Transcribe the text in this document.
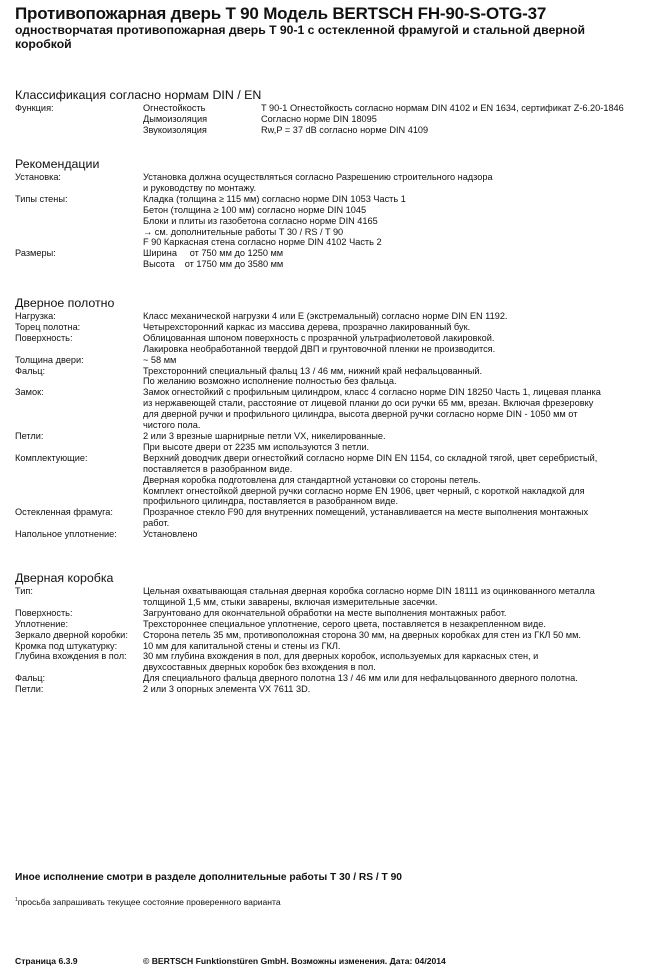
Противопожарная дверь T 90 Модель BERTSCH FH-90-S-OTG-37
одностворчатая противопожарная дверь T 90-1 с остекленной фрамугой и стальной дверной коробкой
Классификация согласно нормам DIN / EN
Функция:	Огнестойкость	T 90-1 Огнестойкость согласно нормам DIN 4102 и EN 1634, сертификат Z-6.20-1846
Дымоизоляция	Согласно норме DIN 18095
Звукоизоляция	Rw,P = 37 dB согласно норме DIN 4109
Рекомендации
Установка:	Установка должна осуществляться согласно Разрешению строительного надзора
и руководству по монтажу.
Типы стены:	Кладка (толщина ≥ 115 мм) согласно норме DIN 1053 Часть 1
Бетон (толщина ≥ 100 мм) согласно норме DIN 1045
Блоки и плиты из газобетона согласно норме DIN 4165
→ см. дополнительные работы T 30 / RS / T 90
F 90 Каркасная стена согласно норме DIN 4102 Часть 2
Размеры:	Ширина     от 750 мм до 1250 мм
Высота    от 1750 мм до 3580 мм
Дверное полотно
Нагрузка:	Класс механической нагрузки 4 или E (экстремальный) согласно норме DIN EN 1192.
Торец полотна:	Четырехсторонний каркас из массива дерева, прозрачно лакированный бук.
Поверхность:	Облицованная шпоном поверхность с прозрачной ультрафиолетовой лакировкой.
Лакировка необработанной твердой ДВП и грунтовочной пленки не производится.
Толщина двери:	~ 58 мм
Фальц:	Трехсторонний специальный фальц 13 / 46 мм, нижний край нефальцованный.
По желанию возможно исполнение полностью без фальца.
Замок:	Замок огнестойкий с профильным цилиндром, класс 4 согласно норме DIN 18250 Часть 1, лицевая планка
из нержавеющей стали, расстояние от лицевой планки до оси ручки 65 мм, врезан. Включая фрезеровку
для дверной ручки и профильного цилиндра, высота дверной ручки согласно норме DIN - 1050 мм от
чистого пола.
Петли:	2 или 3 врезные шарнирные петли VX, никелированные.
При высоте двери от 2235 мм используются 3 петли.
Комплектующие:	Верхний доводчик двери огнестойкий согласно норме DIN EN 1154, со складной тягой, цвет серебристый,
поставляется в разобранном виде.
Дверная коробка подготовлена для стандартной установки со стороны петель.
Комплект огнестойкой дверной ручки согласно норме EN 1906, цвет черный, с короткой накладкой для
профильного цилиндра, поставляется в разобранном виде.
Остекленная фрамуга:	Прозрачное стекло F90 для внутренних помещений, устанавливается на месте выполнения монтажных
работ.
Напольное уплотнение:	Установлено
Дверная коробка
Тип:	Цельная охватывающая стальная дверная коробка согласно норме DIN 18111 из оцинкованного металла
толщиной 1,5 мм, стыки заварены, включая измерительные засечки.
Поверхность:	Загрунтовано для окончательной обработки на месте выполнения монтажных работ.
Уплотнение:	Трехстороннее специальное уплотнение, серого цвета, поставляется в незакрепленном виде.
Зеркало дверной коробки:	Сторона петель 35 мм, противоположная сторона 30 мм, на дверных коробках для стен из ГКЛ 50 мм.
Кромка под штукатурку:	10 мм для капитальной стены и стены из ГКЛ.
Глубина вхождения в пол:	30 мм глубина вхождения в пол, для дверных коробок, используемых для каркасных стен, и
двухсоставных дверных коробок без вхождения в пол.
Фальц:	Для специального фальца дверного полотна 13 / 46 мм или для нефальцованного дверного полотна.
Петли:	2 или 3 опорных элемента VX 7611 3D.
Иное исполнение смотри в разделе дополнительные работы T 30 / RS / T 90
$^1$просьба запрашивать текущее состояние проверенного варианта
Страница 6.3.9	© BERTSCH Funktionstüren GmbH. Возможны изменения. Дата: 04/2014
